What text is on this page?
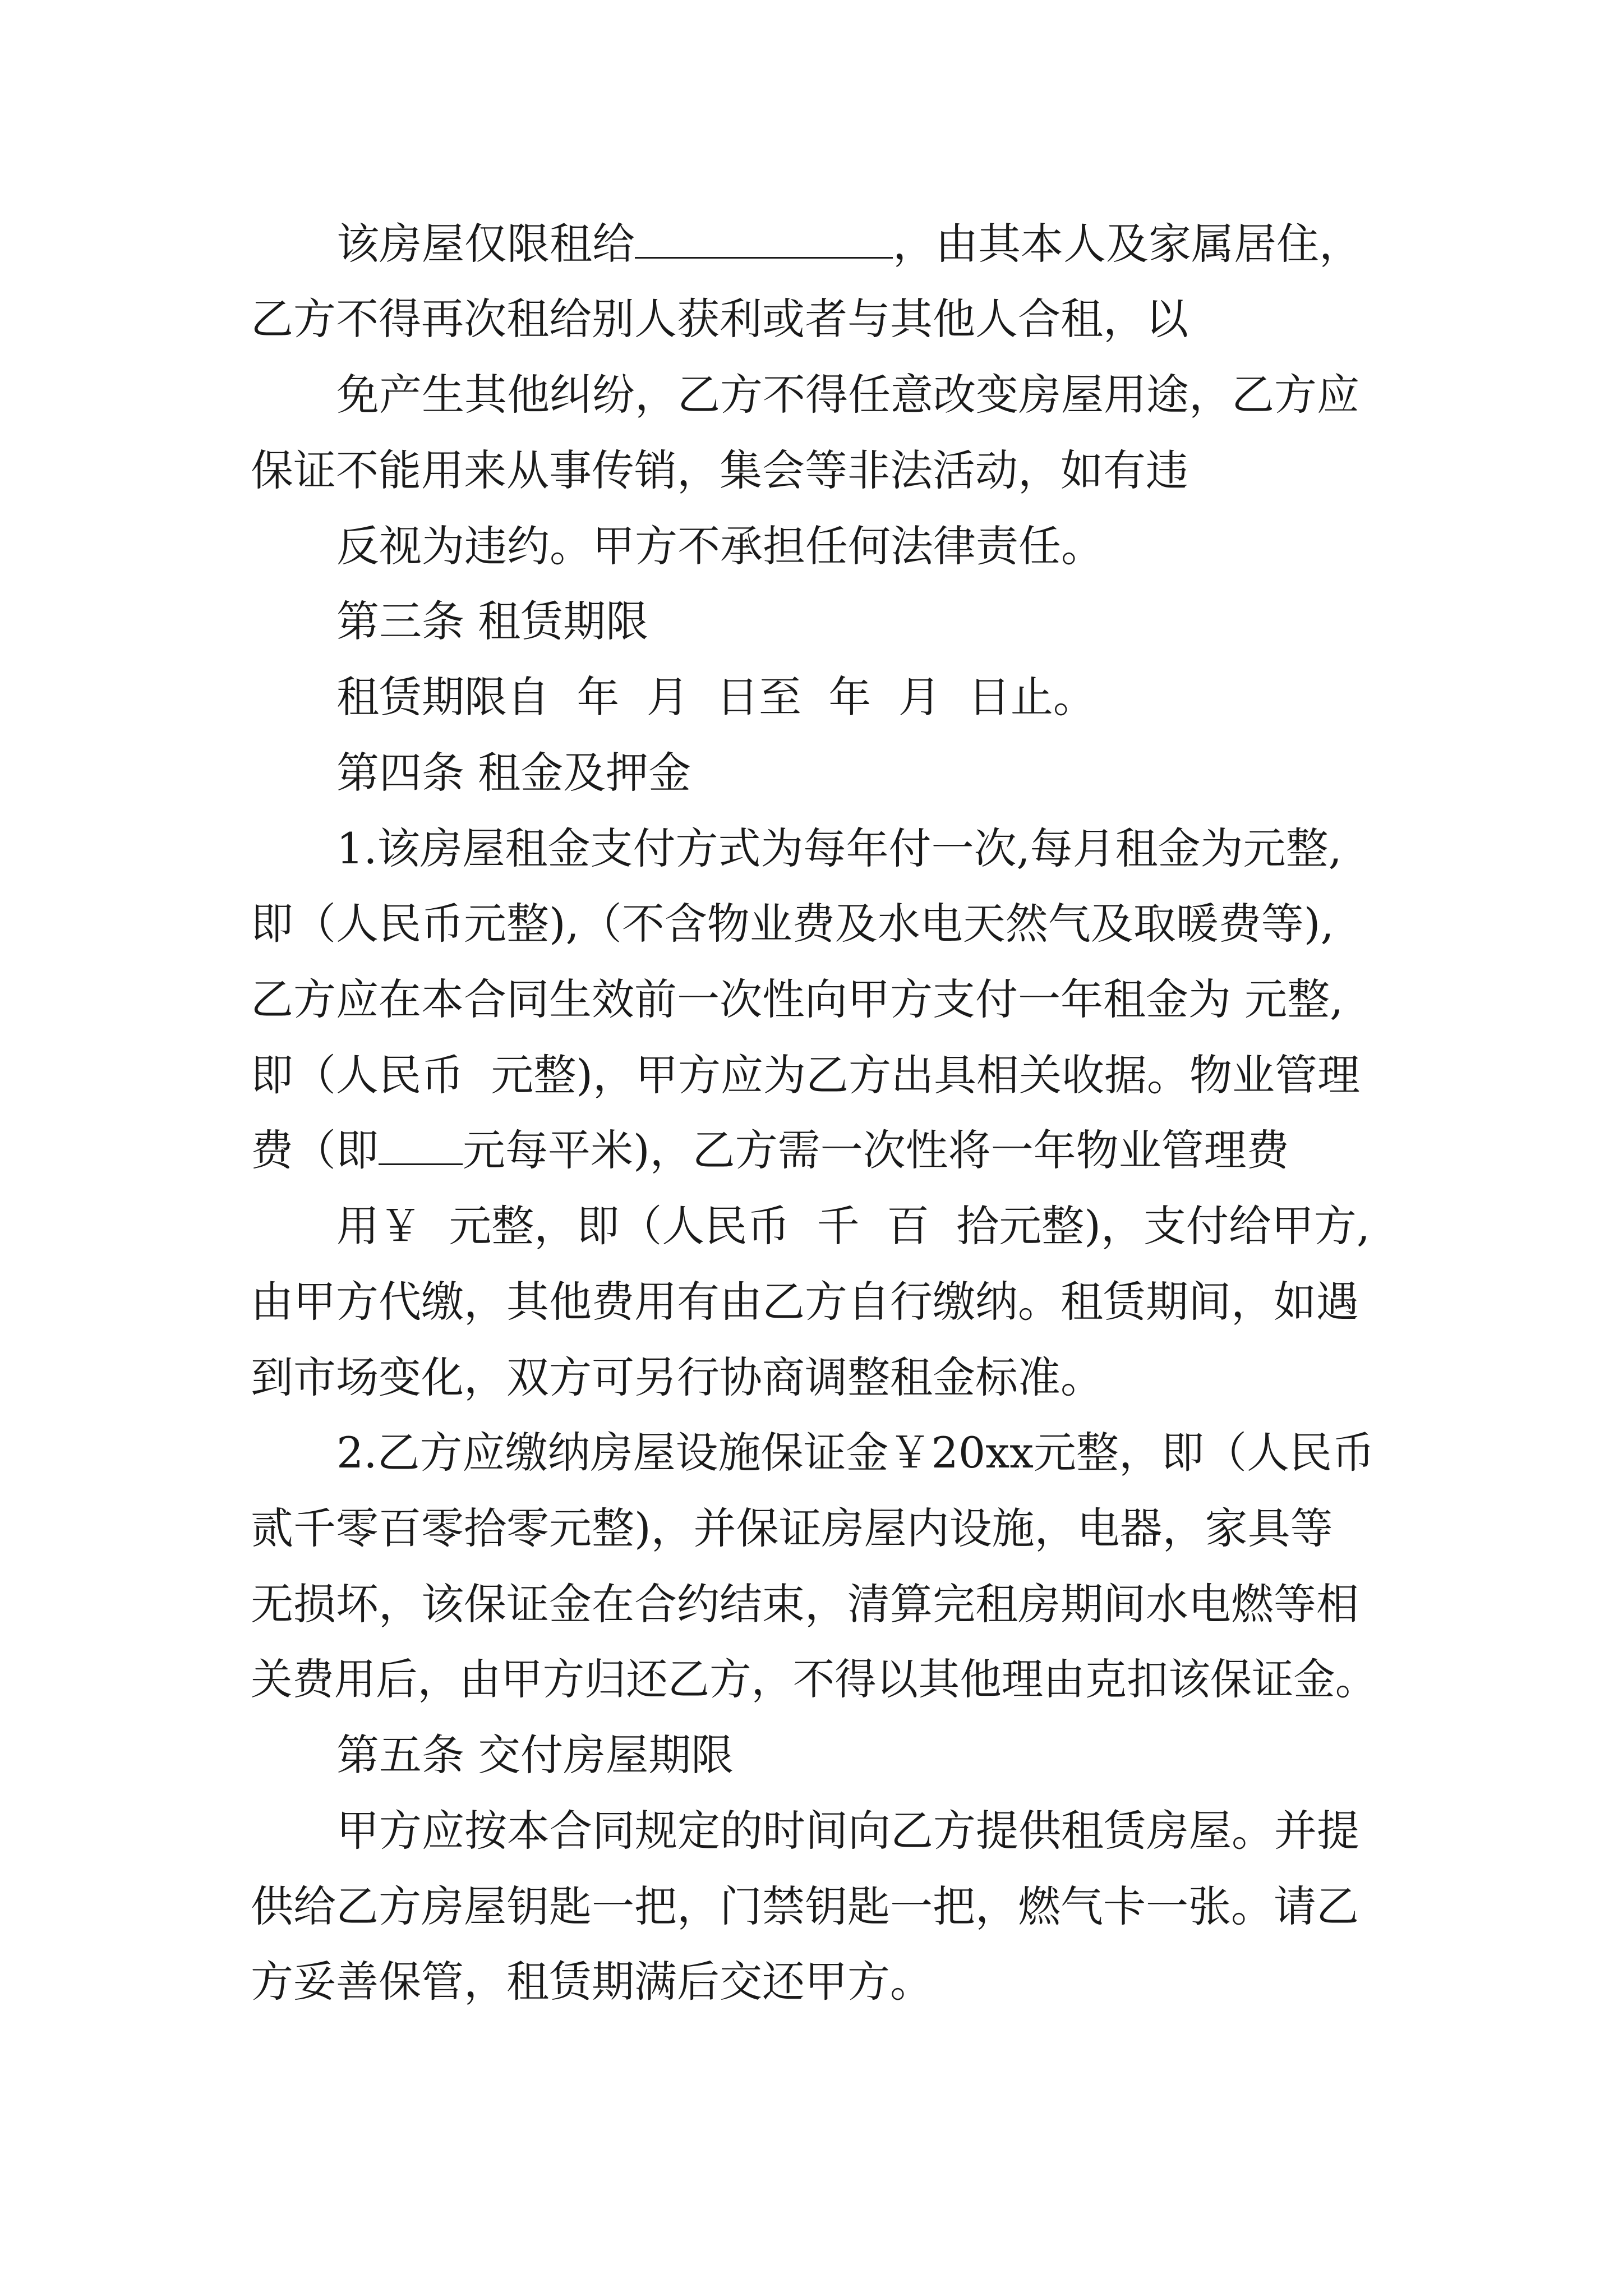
该房屋仅限租给	，由其本人及家属居住，
乙方不得再次租给别人获利或者与其他人合租，以
免产生其他纠纷，乙方不得任意改变房屋用途，乙方应
保证不能用来从事传销，集会等非法活动，如有违
反视为违约。甲方不承担任何法律责任。
第三条 租赁期限
租赁期限自  年  月  日至  年  月  日止。
第四条 租金及押金
1.该房屋租金支付方式为每年付一次,每月租金为元整,
即（人民币元整),（不含物业费及水电天然气及取暖费等),
乙方应在本合同生效前一次性向甲方支付一年租金为 元整,
即（人民币  元整)，甲方应为乙方出具相关收据。物业管理
费（即 元每平米)，乙方需一次性将一年物业管理费
用￥  元整，即（人民币  千  百  拾元整)，支付给甲方,
由甲方代缴，其他费用有由乙方自行缴纳。租赁期间，如遇
到市场变化，双方可另行协商调整租金标准。
2.乙方应缴纳房屋设施保证金￥20xx元整，即（人民币
贰千零百零拾零元整)，并保证房屋内设施，电器，家具等
无损坏，该保证金在合约结束，清算完租房期间水电燃等相
关费用后，由甲方归还乙方，不得以其他理由克扣该保证金。
第五条 交付房屋期限
甲方应按本合同规定的时间向乙方提供租赁房屋。并提
供给乙方房屋钥匙一把，门禁钥匙一把，燃气卡一张。请乙
方妥善保管，租赁期满后交还甲方。
